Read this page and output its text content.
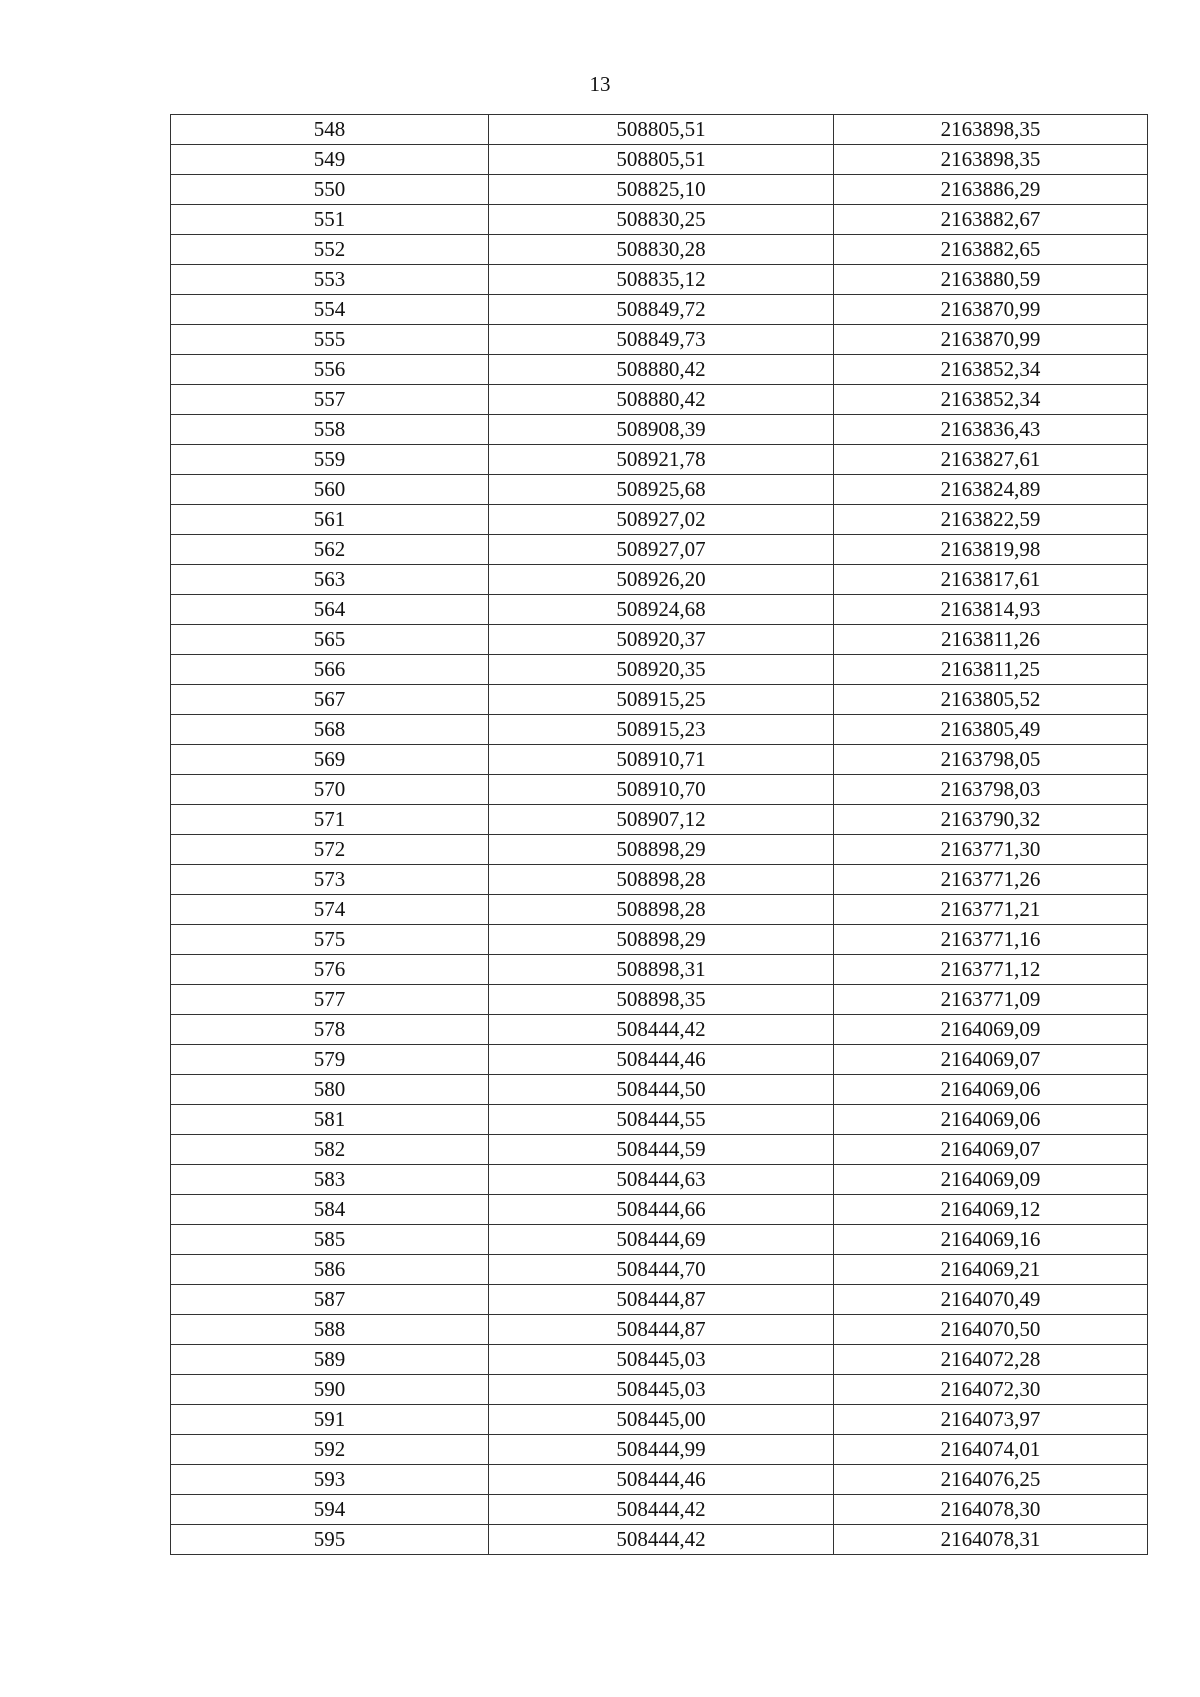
13
548	508805,51	2163898,35
549	508805,51	2163898,35
550	508825,10	2163886,29
551	508830,25	2163882,67
552	508830,28	2163882,65
553	508835,12	2163880,59
554	508849,72	2163870,99
555	508849,73	2163870,99
556	508880,42	2163852,34
557	508880,42	2163852,34
558	508908,39	2163836,43
559	508921,78	2163827,61
560	508925,68	2163824,89
561	508927,02	2163822,59
562	508927,07	2163819,98
563	508926,20	2163817,61
564	508924,68	2163814,93
565	508920,37	2163811,26
566	508920,35	2163811,25
567	508915,25	2163805,52
568	508915,23	2163805,49
569	508910,71	2163798,05
570	508910,70	2163798,03
571	508907,12	2163790,32
572	508898,29	2163771,30
573	508898,28	2163771,26
574	508898,28	2163771,21
575	508898,29	2163771,16
576	508898,31	2163771,12
577	508898,35	2163771,09
578	508444,42	2164069,09
579	508444,46	2164069,07
580	508444,50	2164069,06
581	508444,55	2164069,06
582	508444,59	2164069,07
583	508444,63	2164069,09
584	508444,66	2164069,12
585	508444,69	2164069,16
586	508444,70	2164069,21
587	508444,87	2164070,49
588	508444,87	2164070,50
589	508445,03	2164072,28
590	508445,03	2164072,30
591	508445,00	2164073,97
592	508444,99	2164074,01
593	508444,46	2164076,25
594	508444,42	2164078,30
595	508444,42	2164078,31
